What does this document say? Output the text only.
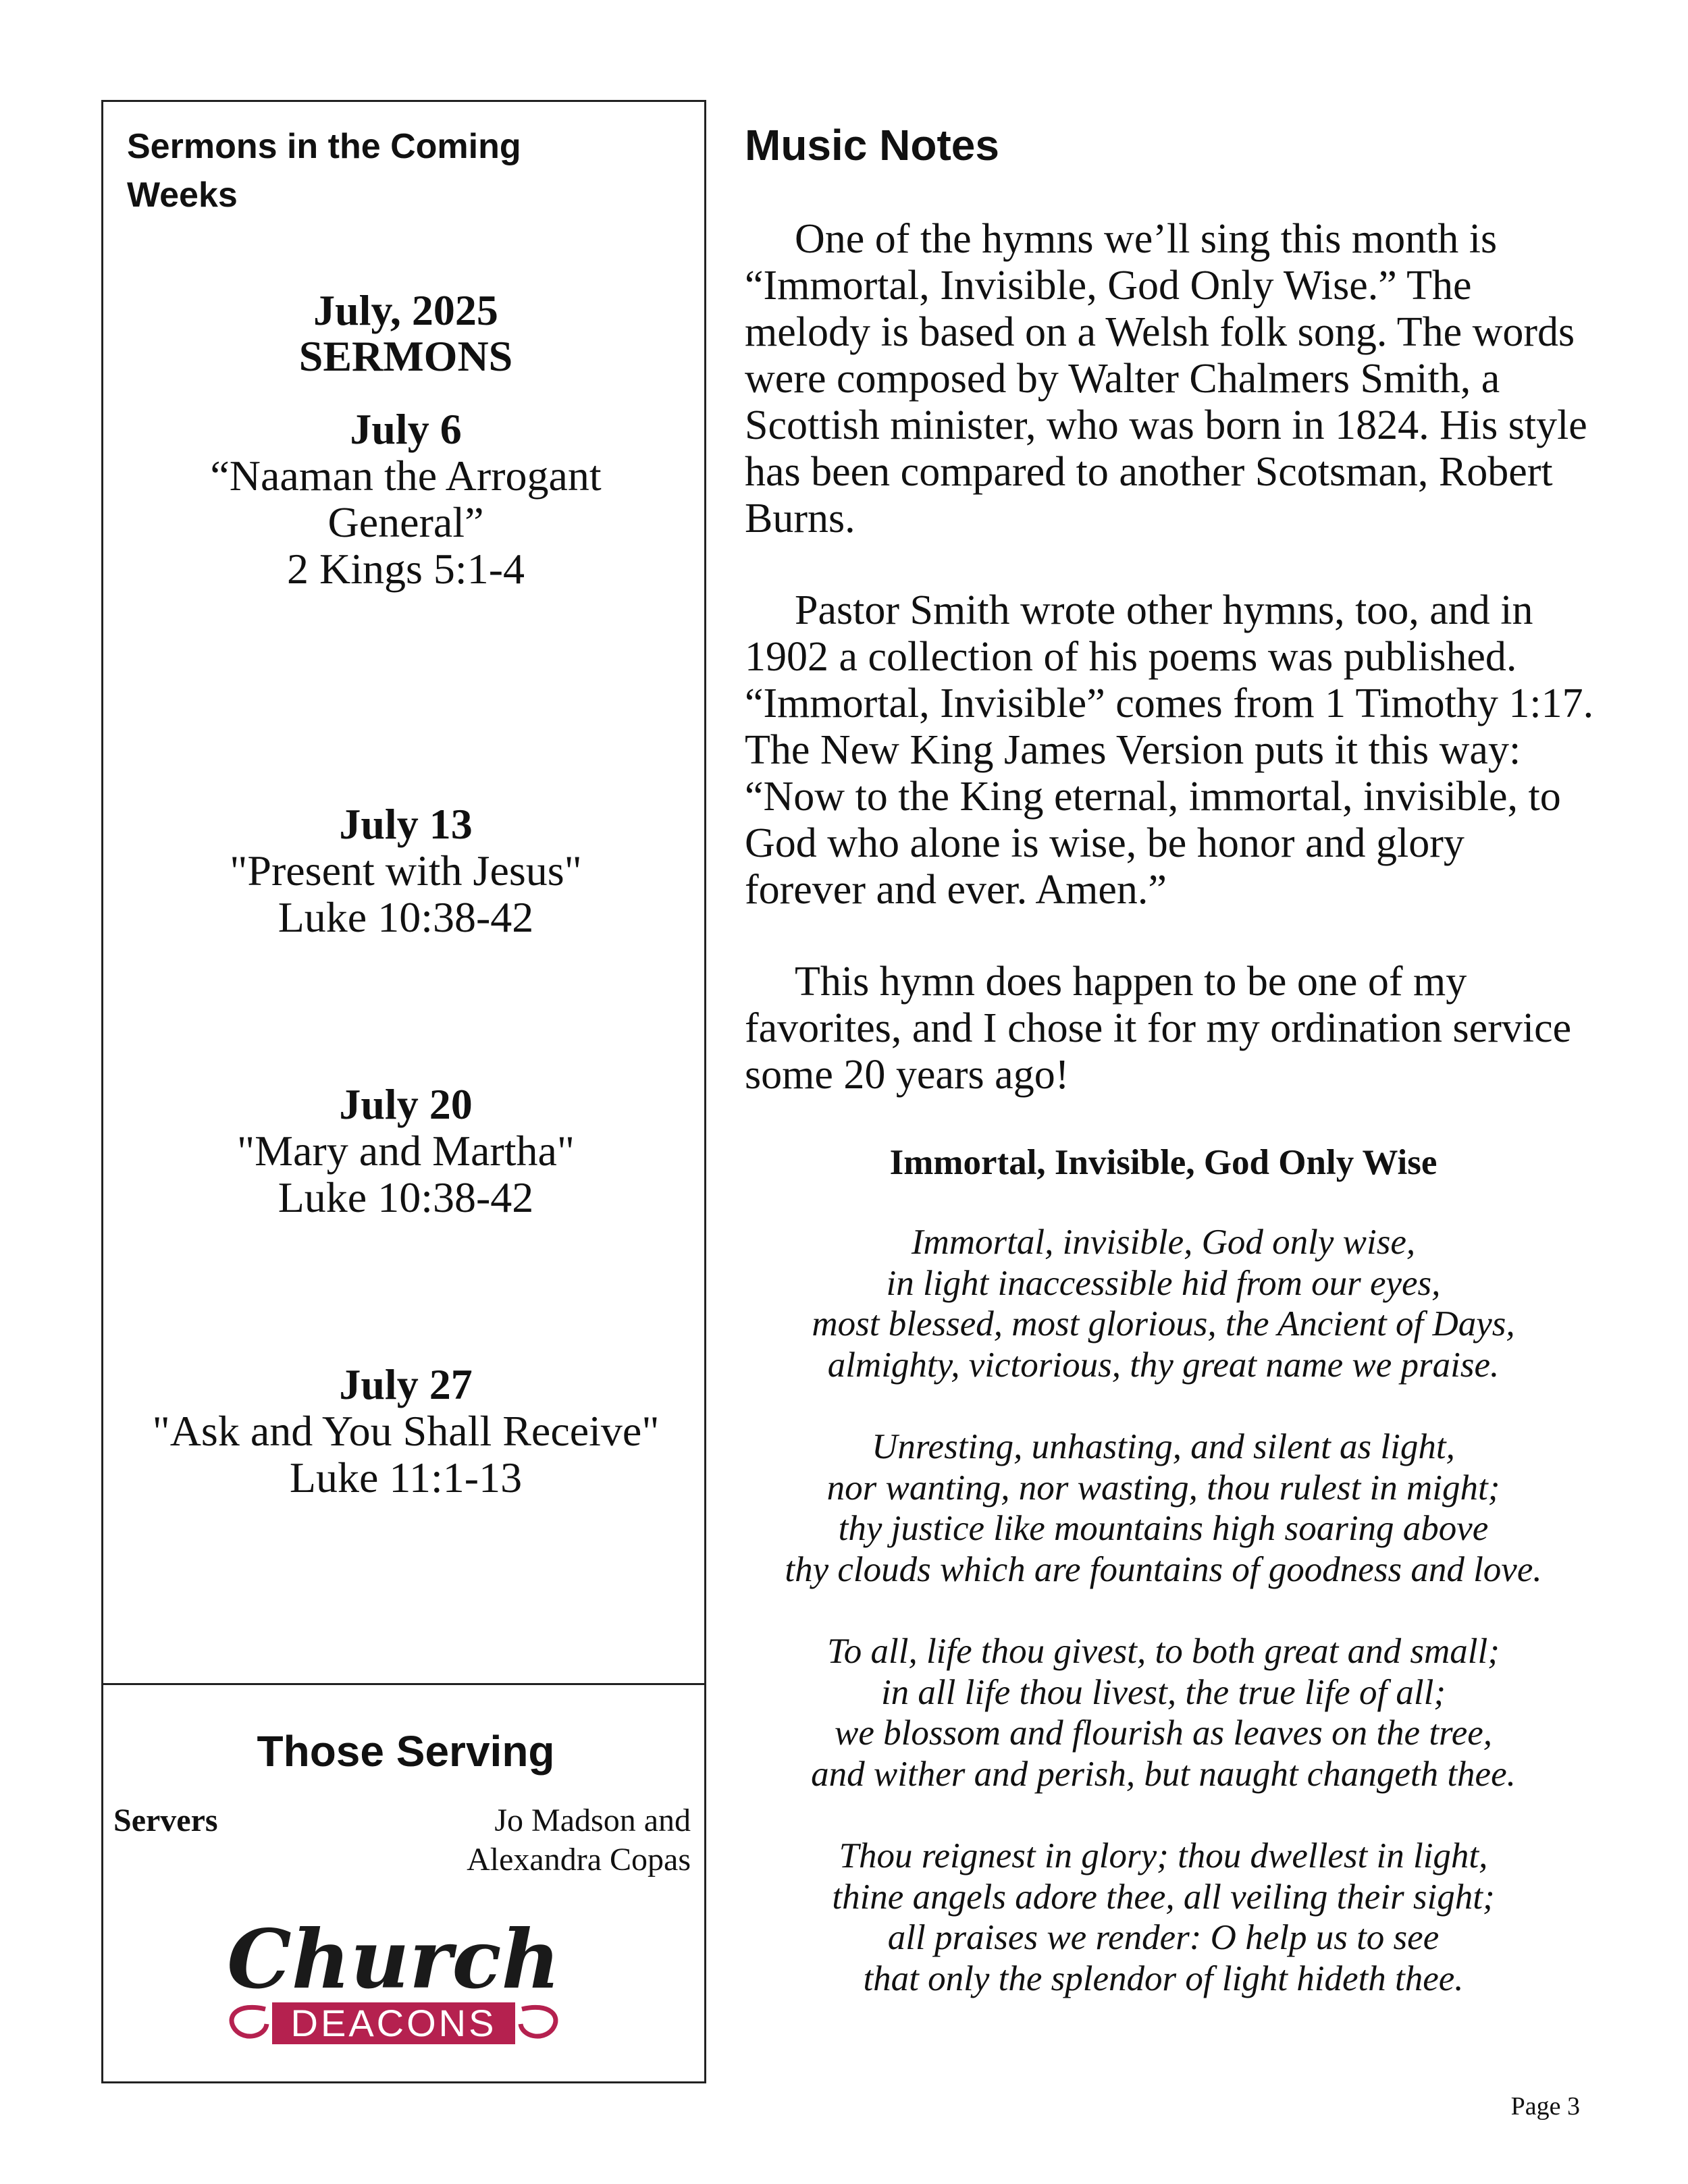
Sermons in the Coming Weeks
July, 2025
SERMONS
July 6
“Naaman the Arrogant General”
2 Kings 5:1-4
July 13
"Present with Jesus"
Luke 10:38-42
July 20
"Mary and Martha"
Luke 10:38-42
July 27
"Ask and You Shall Receive"
Luke 11:1-13
Those Serving
Servers	Jo Madson and Alexandra Copas
Church
DEACONS
Music Notes
One of the hymns we’ll sing this month is “Immortal, Invisible, God Only Wise.” The melody is based on a Welsh folk song. The words were composed by Walter Chalmers Smith, a Scottish minister, who was born in 1824. His style has been compared to another Scotsman, Robert Burns.
Pastor Smith wrote other hymns, too, and in 1902 a collection of his poems was published. “Immortal, Invisible” comes from 1 Timothy 1:17. The New King James Version puts it this way: “Now to the King eternal, immortal, invisible, to God who alone is wise, be honor and glory forever and ever. Amen.”
This hymn does happen to be one of my favorites, and I chose it for my ordination service some 20 years ago!
Immortal, Invisible, God Only Wise
Immortal, invisible, God only wise,
in light inaccessible hid from our eyes,
most blessed, most glorious, the Ancient of Days,
almighty, victorious, thy great name we praise.
Unresting, unhasting, and silent as light,
nor wanting, nor wasting, thou rulest in might;
thy justice like mountains high soaring above
thy clouds which are fountains of goodness and love.
To all, life thou givest, to both great and small;
in all life thou livest, the true life of all;
we blossom and flourish as leaves on the tree,
and wither and perish, but naught changeth thee.
Thou reignest in glory; thou dwellest in light,
thine angels adore thee, all veiling their sight;
all praises we render: O help us to see
that only the splendor of light hideth thee.
Page 3
